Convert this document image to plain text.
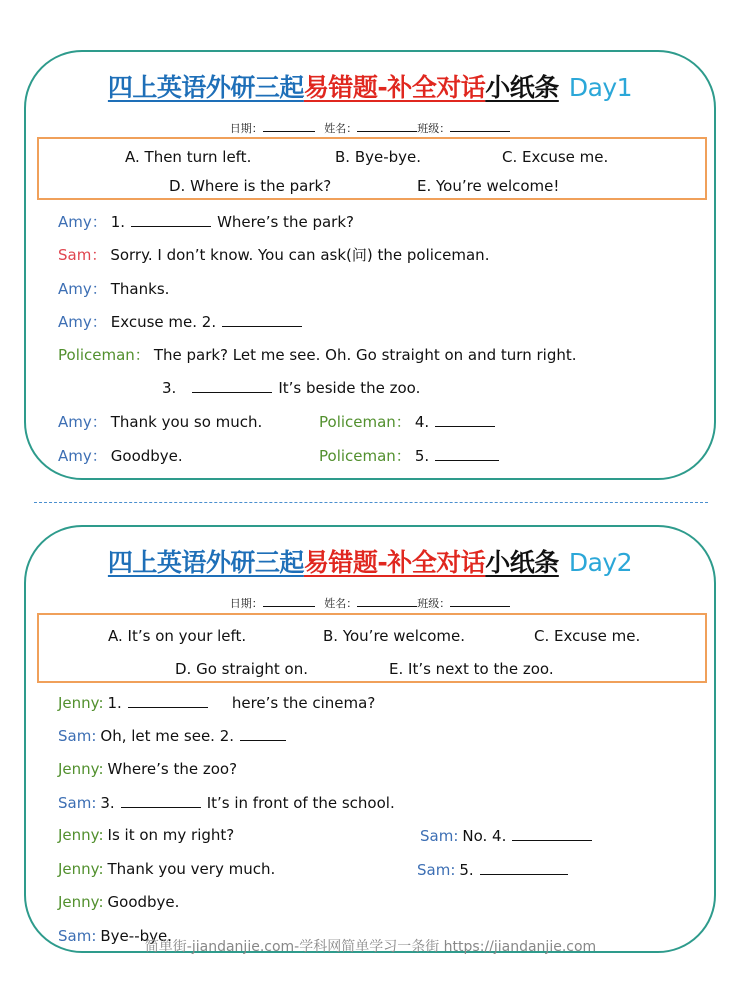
四上英语外研三起易错题-补全对话小纸条 Day1
日期：	姓名：	班级：
A. Then turn left.	B. Bye-bye.	C. Excuse me.
D. Where is the park?	E. You’re welcome!
Amy： 1.	Where’s the park?
Sam： Sorry. I don’t know. You can ask(问) the policeman.
Amy： Thanks.
Amy： Excuse me. 2.
Policeman： The park? Let me see. Oh. Go straight on and turn right.
3.	It’s beside the zoo.
Amy： Thank you so much.	Policeman： 4.
Amy： Goodbye.	Policeman： 5.
四上英语外研三起易错题-补全对话小纸条 Day2
日期：	姓名：	班级：
A. It’s on your left.	B. You’re welcome.	C. Excuse me.
D. Go straight on.	E. It’s next to the zoo.
Jenny: 1.	here’s the cinema?
Sam: Oh, let me see. 2.
Jenny: Where’s the zoo?
Sam: 3.	It’s in front of the school.
Jenny: Is it on my right?	Sam: No. 4.
Jenny: Thank you very much.	Sam: 5.
Jenny: Goodbye.
Sam: Bye--bye.
简单街-jiandanjie.com-学科网简单学习一条街 https://jiandanjie.com
